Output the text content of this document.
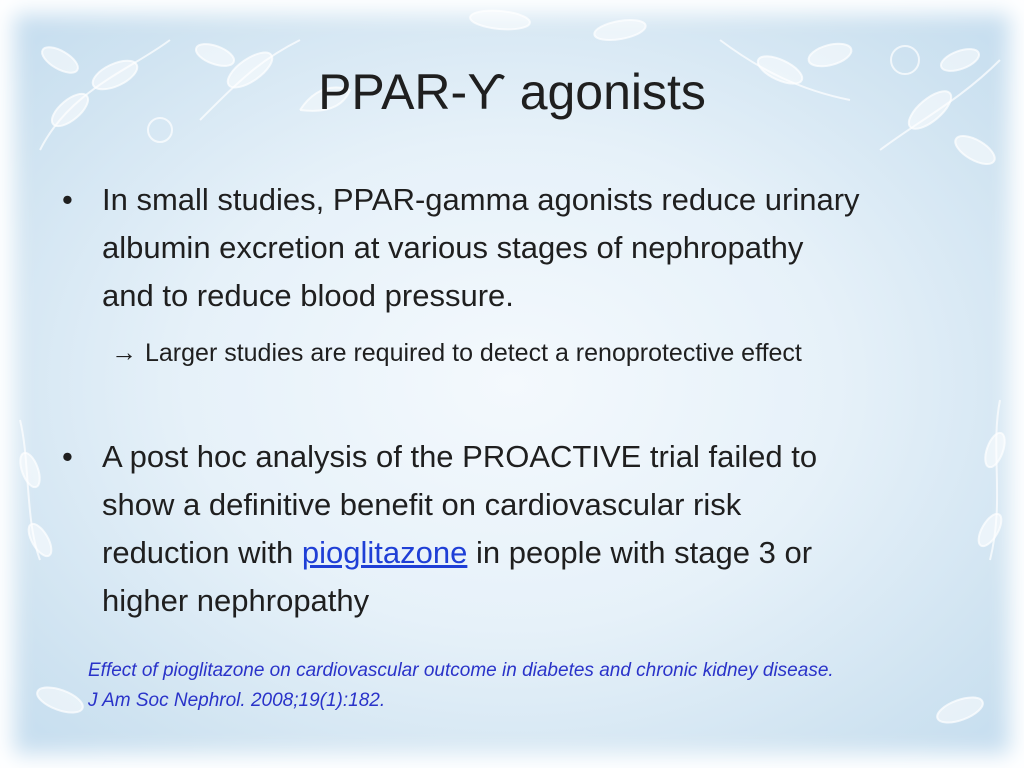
PPAR-ϒ agonists
• In small studies, PPAR-gamma agonists reduce urinary
albumin excretion at various stages of nephropathy
and to reduce blood pressure.
→ Larger studies are required to detect a renoprotective effect
• A post hoc analysis of the PROACTIVE trial failed to
show a definitive benefit on cardiovascular risk
reduction with pioglitazone in people with stage 3 or
higher nephropathy
Effect of pioglitazone on cardiovascular outcome in diabetes and chronic kidney disease.
J Am Soc Nephrol. 2008;19(1):182.
